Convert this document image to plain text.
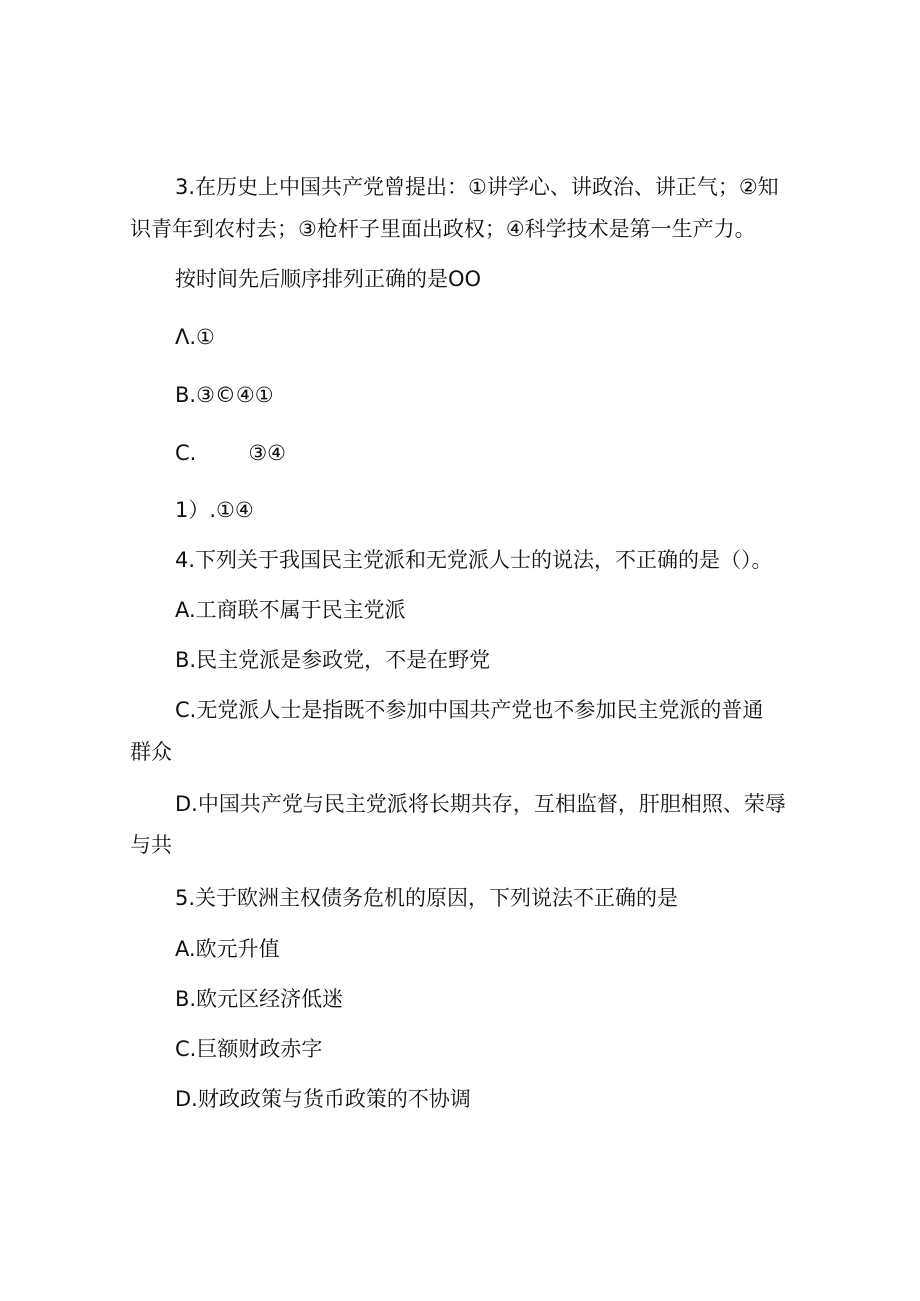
3.在历史上中国共产党曾提出：①讲学心、讲政治、讲正气；②知
识青年到农村去；③枪杆子里面出政权；④科学技术是第一生产力。
按时间先后顺序排列正确的是OO
Λ.①
B.③©④①
C. ③④
1）.①④
4.下列关于我国民主党派和无党派人士的说法，不正确的是（）。
A.工商联不属于民主党派
B.民主党派是参政党，不是在野党
C.无党派人士是指既不参加中国共产党也不参加民主党派的普通
群众
D.中国共产党与民主党派将长期共存，互相监督，肝胆相照、荣辱
与共
5.关于欧洲主权债务危机的原因，下列说法不正确的是
A.欧元升值
B.欧元区经济低迷
C.巨额财政赤字
D.财政政策与货币政策的不协调
